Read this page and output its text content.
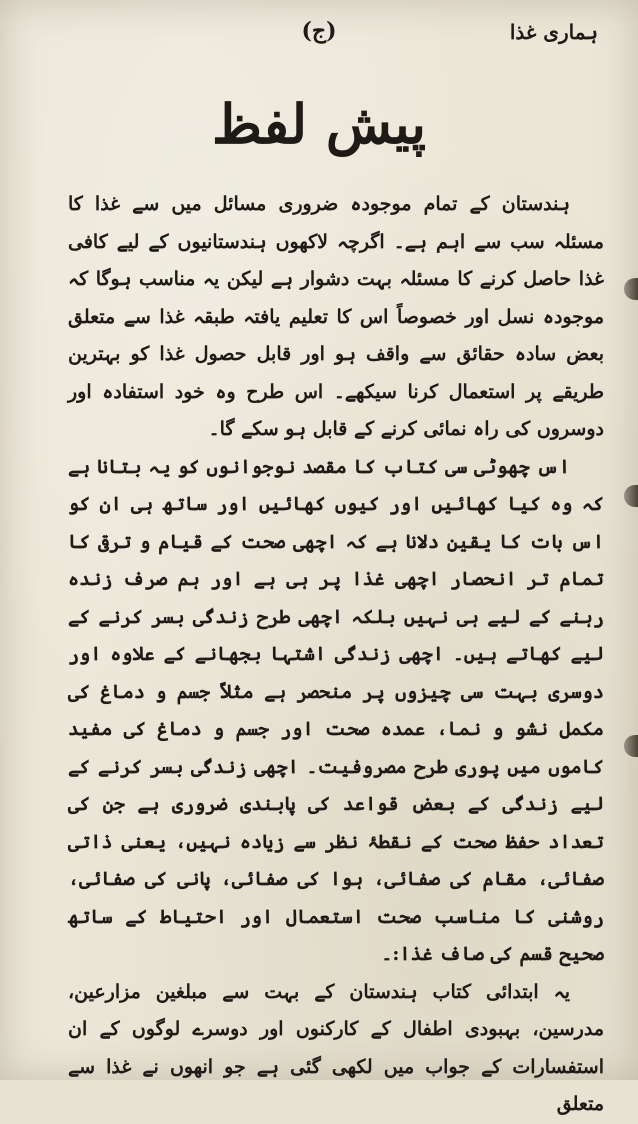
ہماری غذا
(ج)
پیش لفظ

ہندستان کے تمام موجودہ ضروری مسائل میں سے غذا کا مسئلہ سب سے اہم ہے۔ اگرچہ لاکھوں ہندستانیوں کے لیے کافی غذا حاصل کرنے کا مسئلہ بہت دشوار ہے لیکن یہ مناسب ہوگا کہ موجودہ نسل اور خصوصاً اس کا تعلیم یافتہ طبقہ غذا سے متعلق بعض سادہ حقائق سے واقف ہو اور قابل حصول غذا کو بہترین طریقے پر استعمال کرنا سیکھے۔ اس طرح وہ خود استفادہ اور دوسروں کی راہ نمائی کرنے کے قابل ہو سکے گا۔

اس چھوٹی سی کتاب کا مقصد نوجوانوں کو یہ بتانا ہے کہ وہ کیا کھائیں اور کیوں کھائیں اور ساتھ ہی ان کو اس بات کا یقین دلانا ہے کہ اچھی صحت کے قیام و ترقی کا تمام تر انحصار اچھی غذا پر ہی ہے اور ہم صرف زندہ رہنے کے لیے ہی نہیں بلکہ اچھی طرح زندگی بسر کرنے کے لیے کھاتے ہیں۔ اچھی زندگی اشتہا بجھانے کے علاوہ اور دوسری بہت سی چیزوں پر منحصر ہے مثلاً جسم و دماغ کی مکمل نشو و نما، عمدہ صحت اور جسم و دماغ کی مفید کاموں میں پوری طرح مصروفیت۔ اچھی زندگی بسر کرنے کے لیے زندگی کے بعض قواعد کی پابندی ضروری ہے جن کی تعداد حفظ صحت کے نقطۂ نظر سے زیادہ نہیں، یعنی ذاتی صفائی، مقام کی صفائی، ہوا کی صفائی، پانی کی صفائی، روشنی کا مناسب صحت استعمال اور احتیاط کے ساتھ صحیح قسم کی صاف غذا:۔

یہ ابتدائی کتاب ہندستان کے بہت سے مبلغین مزارعین، مدرسین، بہبودی اطفال کے کارکنوں اور دوسرے لوگوں کے ان استفسارات کے جواب میں لکھی گئی ہے جو انھوں نے غذا سے متعلق
